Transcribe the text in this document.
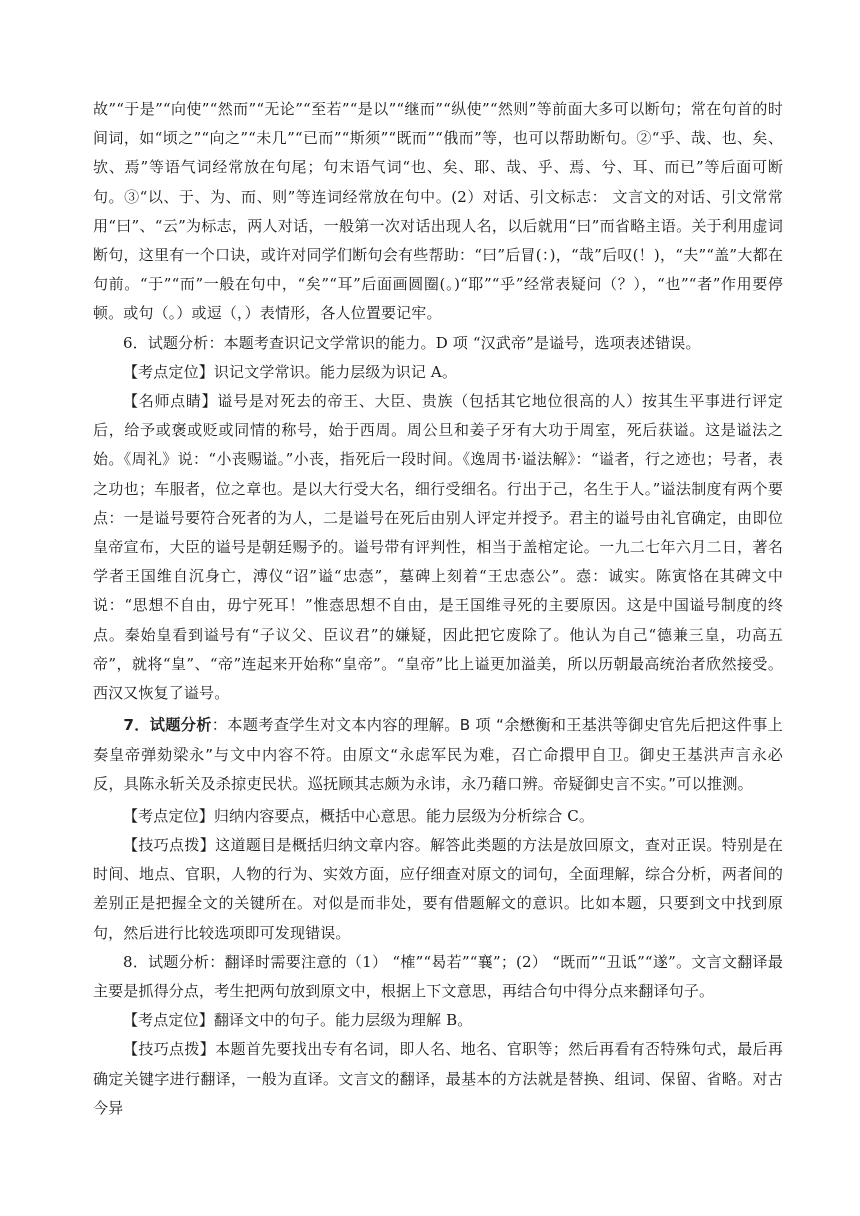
故”“于是”“向使”“然而”“无论”“至若”“是以”“继而”“纵使”“然则”等前面大多可以断句；常在句首的时间词，如“顷之”“向之”“未几”“已而”“斯须”“既而”“俄而”等，也可以帮助断句。②“乎、哉、也、矣、欤、焉”等语气词经常放在句尾；句末语气词“也、矣、耶、哉、乎、焉、兮、耳、而已”等后面可断句。③“以、于、为、而、则”等连词经常放在句中。(2）对话、引文标志： 文言文的对话、引文常常用“曰”、“云”为标志，两人对话，一般第一次对话出现人名，以后就用“曰”而省略主语。关于利用虚词断句，这里有一个口诀，或许对同学们断句会有些帮助：“曰”后冒(：)，“哉”后叹(！)，“夫”“盖”大都在句前。“于”“而”一般在句中，“矣”“耳”后面画圆圈(。)“耶”“乎”经常表疑问（？），“也”“者”作用要停顿。或句（。）或逗（，）表情形，各人位置要记牢。

6．试题分析：本题考查识记文学常识的能力。D 项 “汉武帝”是谥号，选项表述错误。

【考点定位】识记文学常识。能力层级为识记 A。

【名师点睛】谥号是对死去的帝王、大臣、贵族（包括其它地位很高的人）按其生平事进行评定后，给予或褒或贬或同情的称号，始于西周。周公旦和姜子牙有大功于周室，死后获谥。这是谥法之始。《周礼》说：“小丧赐谥。”小丧，指死后一段时间。《逸周书·谥法解》：“谥者，行之迹也；号者，表之功也；车服者，位之章也。是以大行受大名，细行受细名。行出于己，名生于人。”谥法制度有两个要点：一是谥号要符合死者的为人，二是谥号在死后由别人评定并授予。君主的谥号由礼官确定，由即位皇帝宣布，大臣的谥号是朝廷赐予的。谥号带有评判性，相当于盖棺定论。一九二七年六月二日，著名学者王国维自沉身亡，溥仪“诏”谥“忠悫”，墓碑上刻着“王忠悫公”。悫：诚实。陈寅恪在其碑文中说：“思想不自由，毋宁死耳！”惟悫思想不自由，是王国维寻死的主要原因。这是中国谥号制度的终点。秦始皇看到谥号有“子议父、臣议君”的嫌疑，因此把它废除了。他认为自己“德兼三皇，功高五帝”，就将“皇”、“帝”连起来开始称“皇帝”。“皇帝”比上谥更加溢美，所以历朝最高统治者欣然接受。西汉又恢复了谥号。

7．试题分析：本题考查学生对文本内容的理解。B 项 “余懋衡和王基洪等御史官先后把这件事上奏皇帝弹劾梁永”与文中内容不符。由原文“永虑军民为难，召亡命擐甲自卫。御史王基洪声言永必反，具陈永斩关及杀掠吏民状。巡抚顾其志颇为永讳，永乃藉口辨。帝疑御史言不实。”可以推测。

【考点定位】归纳内容要点，概括中心意思。能力层级为分析综合 C。

【技巧点拨】这道题目是概括归纳文章内容。解答此类题的方法是放回原文，查对正误。特别是在时间、地点、官职，人物的行为、实效方面，应仔细查对原文的词句，全面理解，综合分析，两者间的差别正是把握全文的关键所在。对似是而非处，要有借题解文的意识。比如本题，只要到文中找到原句，然后进行比较选项即可发现错误。

8．试题分析：翻译时需要注意的（1） “榷”“曷若”“襄”；(2） “既而”“丑诋”“遂”。文言文翻译最主要是抓得分点，考生把两句放到原文中，根据上下文意思，再结合句中得分点来翻译句子。

【考点定位】翻译文中的句子。能力层级为理解 B。

【技巧点拨】本题首先要找出专有名词，即人名、地名、官职等；然后再看有否特殊句式，最后再确定关键字进行翻译，一般为直译。文言文的翻译，最基本的方法就是替换、组词、保留、省略。对古今异
